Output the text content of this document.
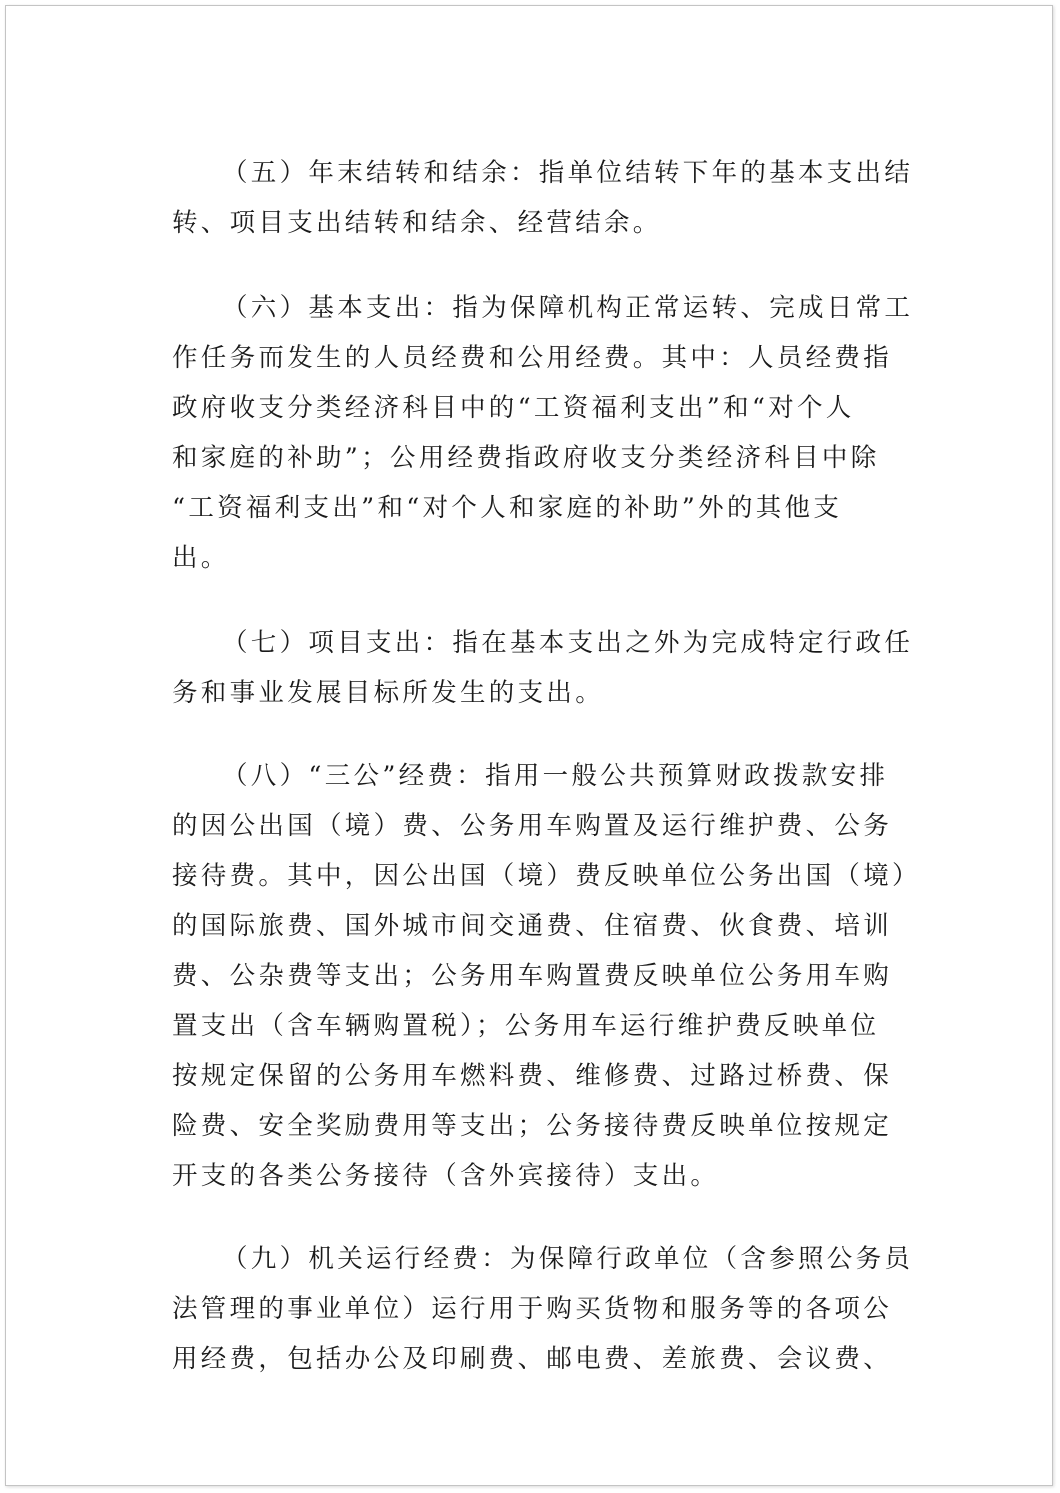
（五）年末结转和结余：指单位结转下年的基本支出结
转、项目支出结转和结余、经营结余。
（六）基本支出：指为保障机构正常运转、完成日常工
作任务而发生的人员经费和公用经费。其中：人员经费指
政府收支分类经济科目中的“工资福利支出”和“对个人
和家庭的补助”；公用经费指政府收支分类经济科目中除
“工资福利支出”和“对个人和家庭的补助”外的其他支
出。
（七）项目支出：指在基本支出之外为完成特定行政任
务和事业发展目标所发生的支出。
（八）“三公”经费：指用一般公共预算财政拨款安排
的因公出国（境）费、公务用车购置及运行维护费、公务
接待费。其中，因公出国（境）费反映单位公务出国（境）
的国际旅费、国外城市间交通费、住宿费、伙食费、培训
费、公杂费等支出；公务用车购置费反映单位公务用车购
置支出（含车辆购置税）；公务用车运行维护费反映单位
按规定保留的公务用车燃料费、维修费、过路过桥费、保
险费、安全奖励费用等支出；公务接待费反映单位按规定
开支的各类公务接待（含外宾接待）支出。
（九）机关运行经费：为保障行政单位（含参照公务员
法管理的事业单位）运行用于购买货物和服务等的各项公
用经费，包括办公及印刷费、邮电费、差旅费、会议费、
